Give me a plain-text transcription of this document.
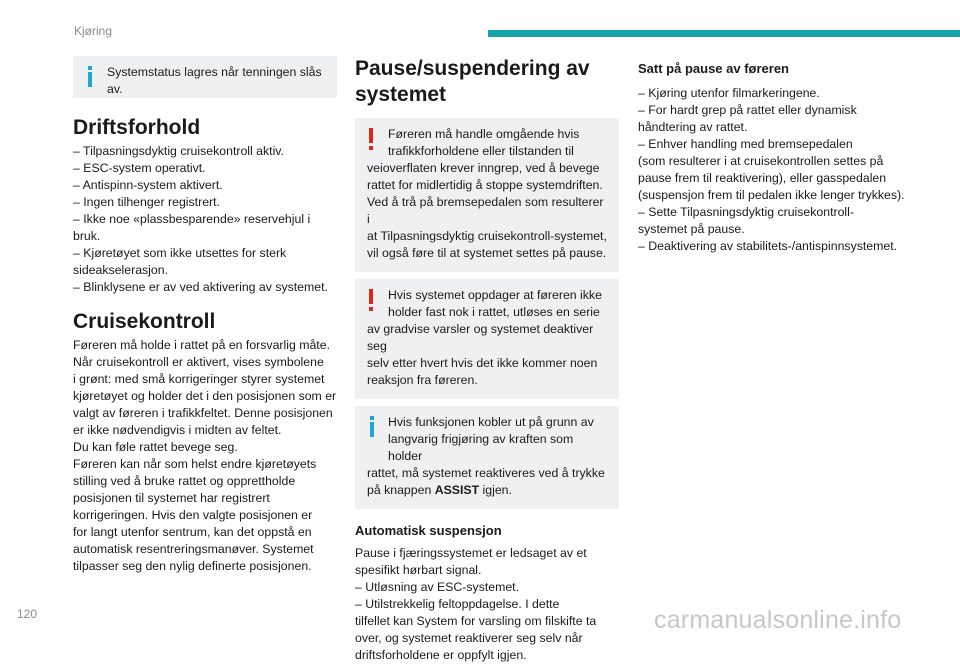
Kjøring
Systemstatus lagres når tenningen slås av.
Driftsforhold

– Tilpasningsdyktig cruisekontroll aktiv.

– ESC-system operativt.

– Antispinn-system aktivert.

– Ingen tilhenger registrert.

– Ikke noe «plassbesparende» reservehjul i

bruk.

– Kjøretøyet som ikke utsettes for sterk

sideakselerasjon.

– Blinklysene er av ved aktivering av systemet.

Cruisekontroll

Føreren må holde i rattet på en forsvarlig måte.

Når cruisekontroll er aktivert, vises symbolene

i grønt: med små korrigeringer styrer systemet

kjøretøyet og holder det i den posisjonen som er

valgt av føreren i trafikkfeltet. Denne posisjonen

er ikke nødvendigvis i midten av feltet.

Du kan føle rattet bevege seg.

Føreren kan når som helst endre kjøretøyets

stilling ved å bruke rattet og opprettholde

posisjonen til systemet har registrert

korrigeringen. Hvis den valgte posisjonen er

for langt utenfor sentrum, kan det oppstå en

automatisk resentreringsmanøver. Systemet

tilpasser seg den nylig definerte posisjonen.

Pause/suspendering av
systemet
Føreren må handle omgående hvis
trafikkforholdene eller tilstanden til
veioverflaten krever inngrep, ved å bevege
rattet for midlertidig å stoppe systemdriften.
Ved å trå på bremsepedalen som resulterer i
at Tilpasningsdyktig cruisekontroll-systemet,
vil også føre til at systemet settes på pause.
Hvis systemet oppdager at føreren ikke
holder fast nok i rattet, utløses en serie
av gradvise varsler og systemet deaktiver seg
selv etter hvert hvis det ikke kommer noen
reaksjon fra føreren.
Hvis funksjonen kobler ut på grunn av
langvarig frigjøring av kraften som holder
rattet, må systemet reaktiveres ved å trykke
på knappen ASSIST igjen.
Automatisk suspensjon

Pause i fjæringssystemet er ledsaget av et

spesifikt hørbart signal.

– Utløsning av ESC-systemet.

– Utilstrekkelig feltoppdagelse. I dette

tilfellet kan System for varsling om filskifte ta

over, og systemet reaktiverer seg selv når

driftsforholdene er oppfylt igjen.

Satt på pause av føreren

– Kjøring utenfor filmarkeringene.

– For hardt grep på rattet eller dynamisk

håndtering av rattet.

– Enhver handling med bremsepedalen

(som resulterer i at cruisekontrollen settes på

pause frem til reaktivering), eller gasspedalen

(suspensjon frem til pedalen ikke lenger trykkes).

– Sette Tilpasningsdyktig cruisekontroll-

systemet på pause.

– Deaktivering av stabilitets-/antispinnsystemet.

120	carmanualsonline.info
